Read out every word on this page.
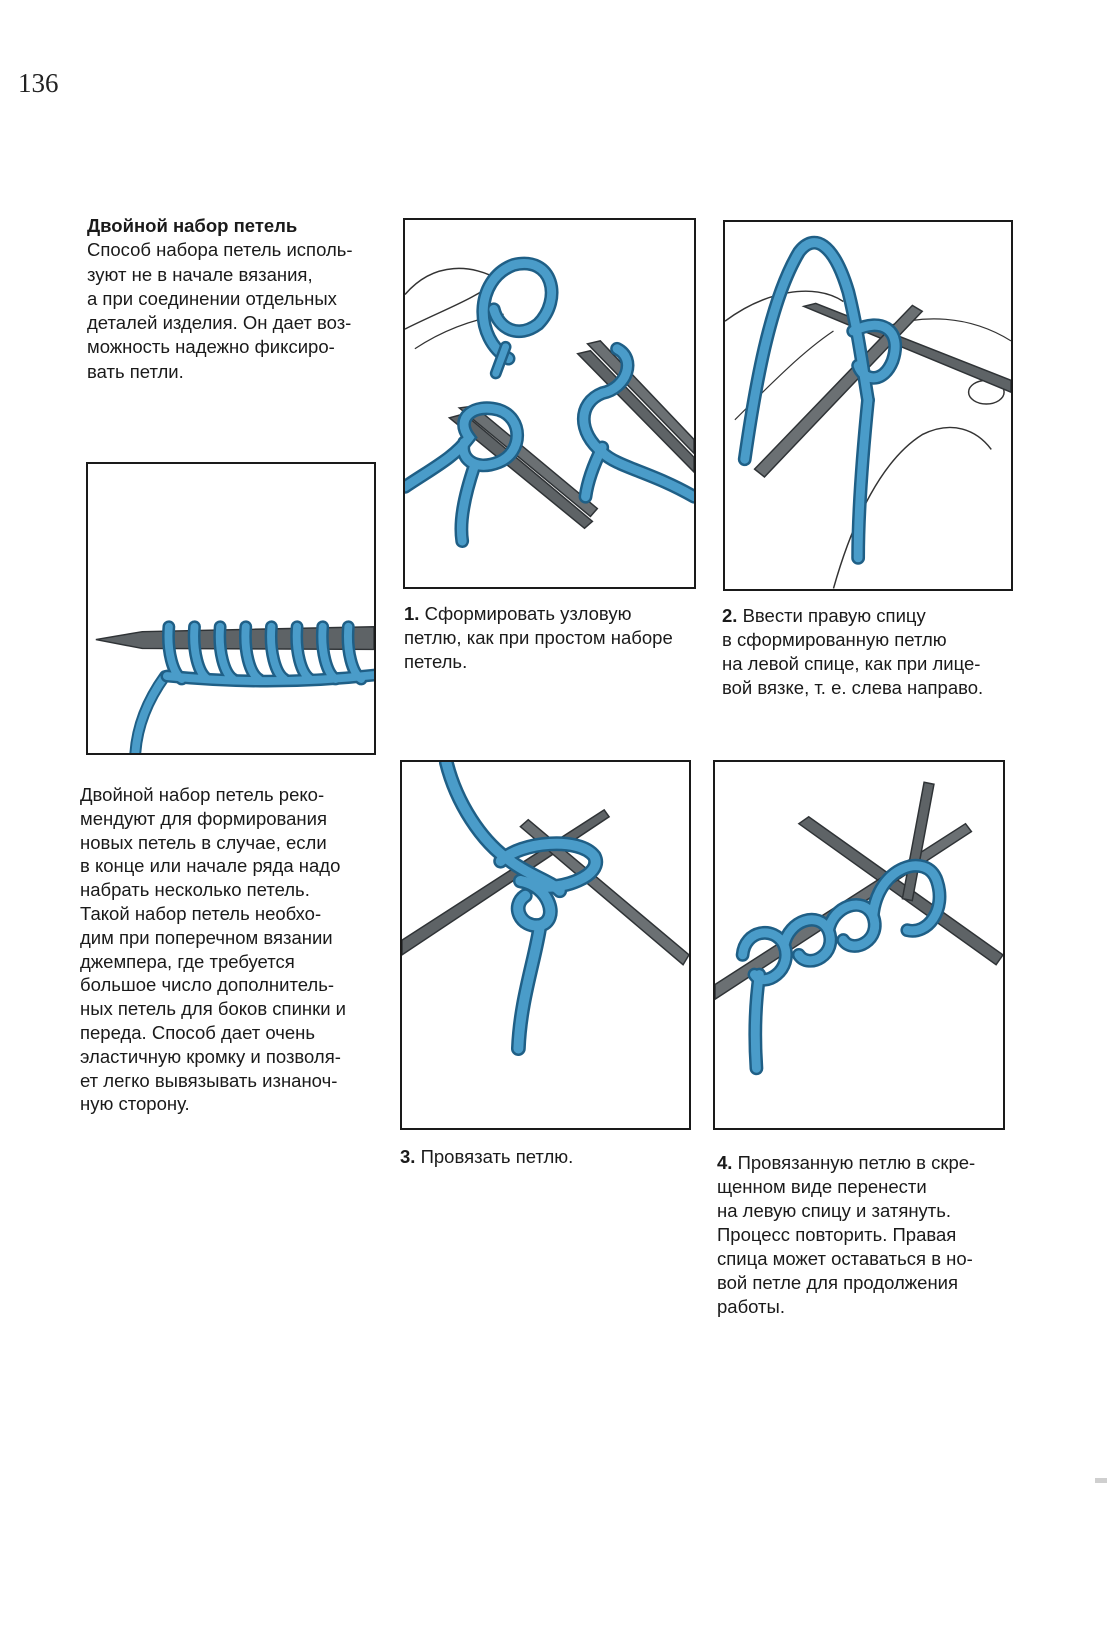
136
Двойной набор петель
Способ набора петель исполь-
зуют не в начале вязания,
а при соединении отдельных
деталей изделия. Он дает воз-
можность надежно фиксиро-
вать петли.
Двойной набор петель реко-
мендуют для формирования
новых петель в случае, если
в конце или начале ряда надо
набрать несколько петель.
Такой набор петель необхо-
дим при поперечном вязании
джемпера, где требуется
большое число дополнитель-
ных петель для боков спинки и
переда. Способ дает очень
эластичную кромку и позволя-
ет легко вывязывать изнаноч-
ную сторону.
1. Сформировать узловую
петлю, как при простом наборе
петель.
2. Ввести правую спицу
в сформированную петлю
на левой спице, как при лице-
вой вязке, т. е. слева направо.
3. Провязать петлю.	4. Провязанную петлю в скре-
щенном виде перенести
на левую спицу и затянуть.
Процесс повторить. Правая
спица может оставаться в но-
вой петле для продолжения
работы.
